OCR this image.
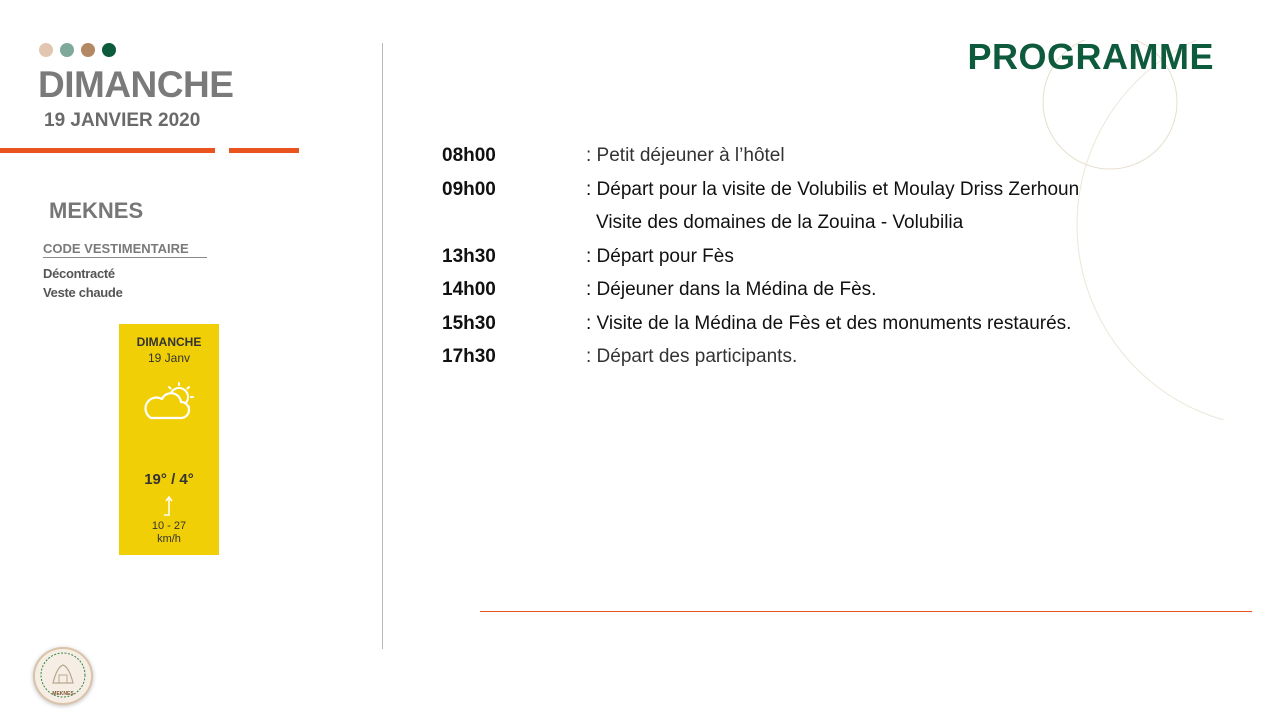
DIMANCHE
19 JANVIER 2020
MEKNES
CODE VESTIMENTAIRE
Décontracté
Veste chaude
DIMANCHE
19 Janv
19° / 4°
10 - 27
km/h
PROGRAMME
08h00	: Petit déjeuner à l’hôtel
09h00	: Départ pour la visite de Volubilis et Moulay Driss Zerhoun
Visite des domaines de la Zouina - Volubilia
13h30	: Départ pour Fès
14h00	: Déjeuner dans la Médina de Fès.
15h30	: Visite de la Médina de Fès et des monuments restaurés.
17h30	: Départ des participants.
MEKNES
